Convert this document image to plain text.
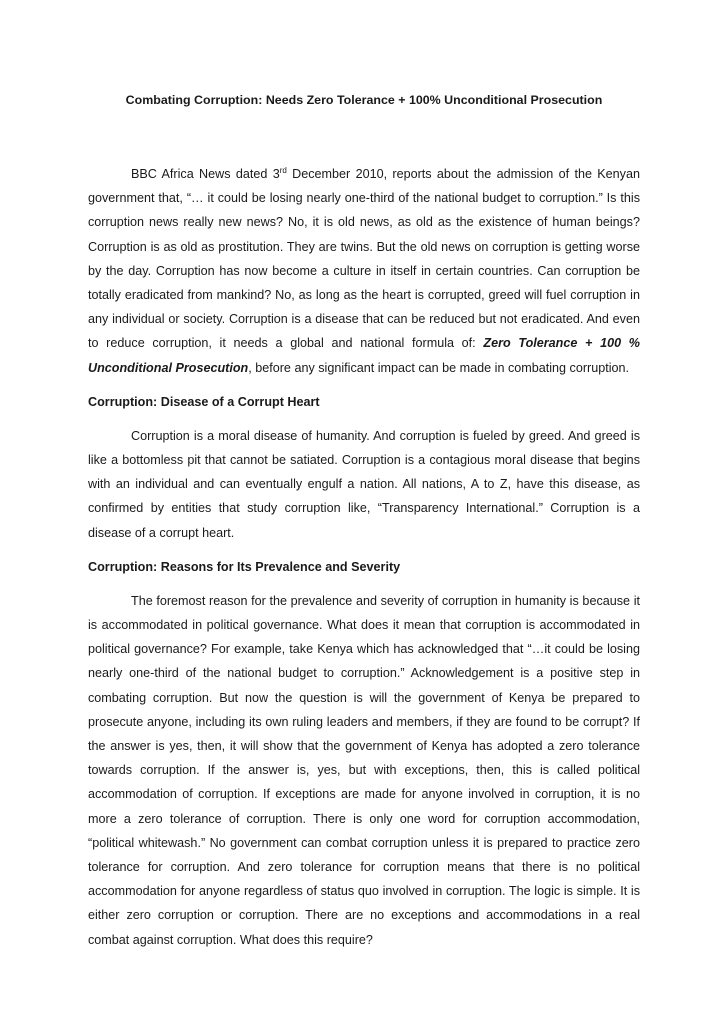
Combating Corruption: Needs Zero Tolerance + 100% Unconditional Prosecution

BBC Africa News dated 3rd December 2010, reports about the admission of the Kenyan government that, “… it could be losing nearly one-third of the national budget to corruption.” Is this corruption news really new news? No, it is old news, as old as the existence of human beings? Corruption is as old as prostitution. They are twins. But the old news on corruption is getting worse by the day. Corruption has now become a culture in itself in certain countries. Can corruption be totally eradicated from mankind? No, as long as the heart is corrupted, greed will fuel corruption in any individual or society. Corruption is a disease that can be reduced but not eradicated. And even to reduce corruption, it needs a global and national formula of: Zero Tolerance + 100 % Unconditional Prosecution, before any significant impact can be made in combating corruption.

Corruption: Disease of a Corrupt Heart

Corruption is a moral disease of humanity. And corruption is fueled by greed. And greed is like a bottomless pit that cannot be satiated. Corruption is a contagious moral disease that begins with an individual and can eventually engulf a nation. All nations, A to Z, have this disease, as confirmed by entities that study corruption like, “Transparency International.” Corruption is a disease of a corrupt heart.

Corruption: Reasons for Its Prevalence and Severity

The foremost reason for the prevalence and severity of corruption in humanity is because it is accommodated in political governance. What does it mean that corruption is accommodated in political governance? For example, take Kenya which has acknowledged that “…it could be losing nearly one-third of the national budget to corruption.” Acknowledgement is a positive step in combating corruption. But now the question is will the government of Kenya be prepared to prosecute anyone, including its own ruling leaders and members, if they are found to be corrupt? If the answer is yes, then, it will show that the government of Kenya has adopted a zero tolerance towards corruption. If the answer is, yes, but with exceptions, then, this is called political accommodation of corruption. If exceptions are made for anyone involved in corruption, it is no more a zero tolerance of corruption. There is only one word for corruption accommodation, “political whitewash.” No government can combat corruption unless it is prepared to practice zero tolerance for corruption. And zero tolerance for corruption means that there is no political accommodation for anyone regardless of status quo involved in corruption. The logic is simple. It is either zero corruption or corruption. There are no exceptions and accommodations in a real combat against corruption. What does this require?
